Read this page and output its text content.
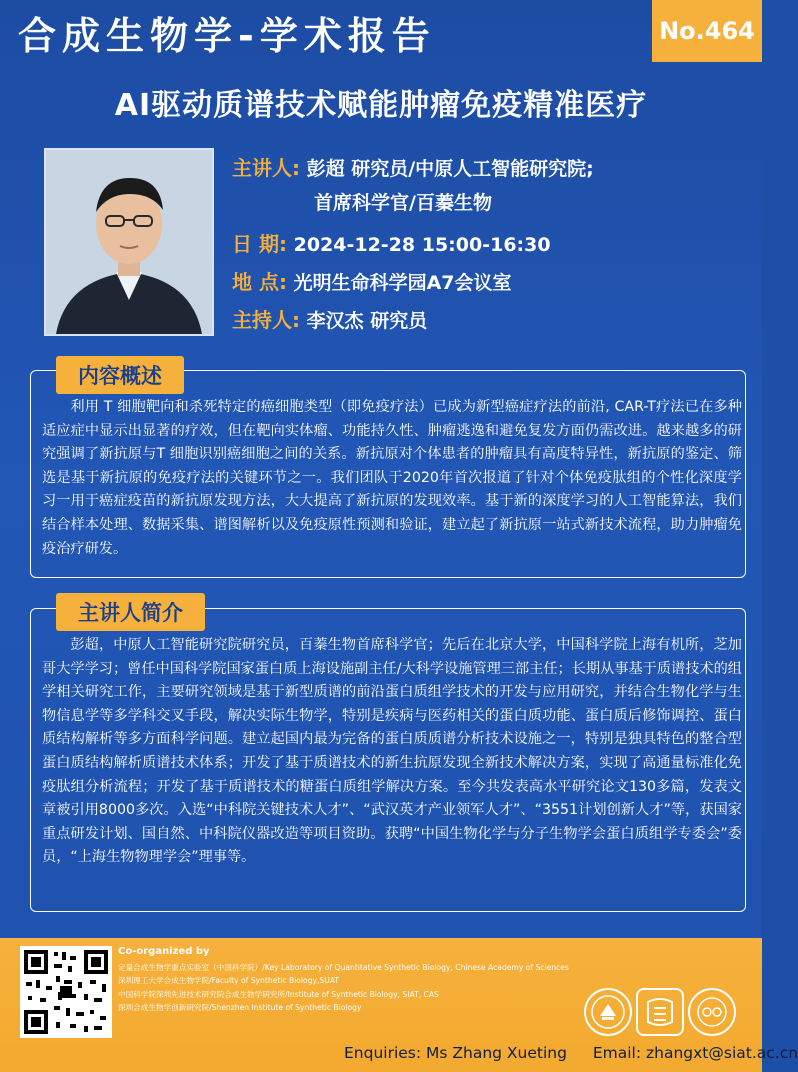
合成生物学-学术报告	No.464
AI驱动质谱技术赋能肿瘤免疫精准医疗
主讲人: 彭超 研究员/中原人工智能研究院;
首席科学官/百蓁生物
日 期: 2024-12-28 15:00-16:30
地 点: 光明生命科学园A7会议室
主持人: 李汉杰 研究员
内容概述
利用 T 细胞靶向和杀死特定的癌细胞类型（即免疫疗法）已成为新型癌症疗法的前沿, CAR-T疗法已在多种适应症中显示出显著的疗效，但在靶向实体瘤、功能持久性、肿瘤逃逸和避免复发方面仍需改进。越来越多的研究强调了新抗原与T 细胞识别癌细胞之间的关系。新抗原对个体患者的肿瘤具有高度特异性，新抗原的鉴定、筛选是基于新抗原的免疫疗法的关键环节之一。我们团队于2020年首次报道了针对个体免疫肽组的个性化深度学习一用于癌症疫苗的新抗原发现方法，大大提高了新抗原的发现效率。基于新的深度学习的人工智能算法，我们结合样本处理、数据采集、谱图解析以及免疫原性预测和验证，建立起了新抗原一站式新技术流程，助力肿瘤免疫治疗研发。
主讲人简介
彭超，中原人工智能研究院研究员，百蓁生物首席科学官；先后在北京大学，中国科学院上海有机所，芝加哥大学学习；曾任中国科学院国家蛋白质上海设施副主任/大科学设施管理三部主任；长期从事基于质谱技术的组学相关研究工作，主要研究领域是基于新型质谱的前沿蛋白质组学技术的开发与应用研究，并结合生物化学与生物信息学等多学科交叉手段，解决实际生物学，特别是疾病与医药相关的蛋白质功能、蛋白质后修饰调控、蛋白质结构解析等多方面科学问题。建立起国内最为完备的蛋白质质谱分析技术设施之一，特别是独具特色的整合型蛋白质结构解析质谱技术体系；开发了基于质谱技术的新生抗原发现全新技术解决方案，实现了高通量标准化免疫肽组分析流程；开发了基于质谱技术的糖蛋白质组学解决方案。至今共发表高水平研究论文130多篇，发表文章被引用8000多次。入选“中科院关键技术人才”、“武汉英才产业领军人才”、“3551计划创新人才”等，获国家重点研发计划、国自然、中科院仪器改造等项目资助。获聘“中国生物化学与分子生物学会蛋白质组学专委会”委员，“上海生物物理学会”理事等。
Co-organized by
定量合成生物学重点实验室（中国科学院）/Key Laboratory of Quantitative Synthetic Biology, Chinese Academy of Sciences
深圳理工大学合成生物学院/Faculty of Synthetic Biology,SUAT
中国科学院深圳先进技术研究院合成生物学研究所/Institute of Synthetic Biology, SIAT, CAS
深圳合成生物学创新研究院/Shenzhen Institute of Synthetic Biology
Enquiries: Ms Zhang Xueting Email: zhangxt@siat.ac.cn
